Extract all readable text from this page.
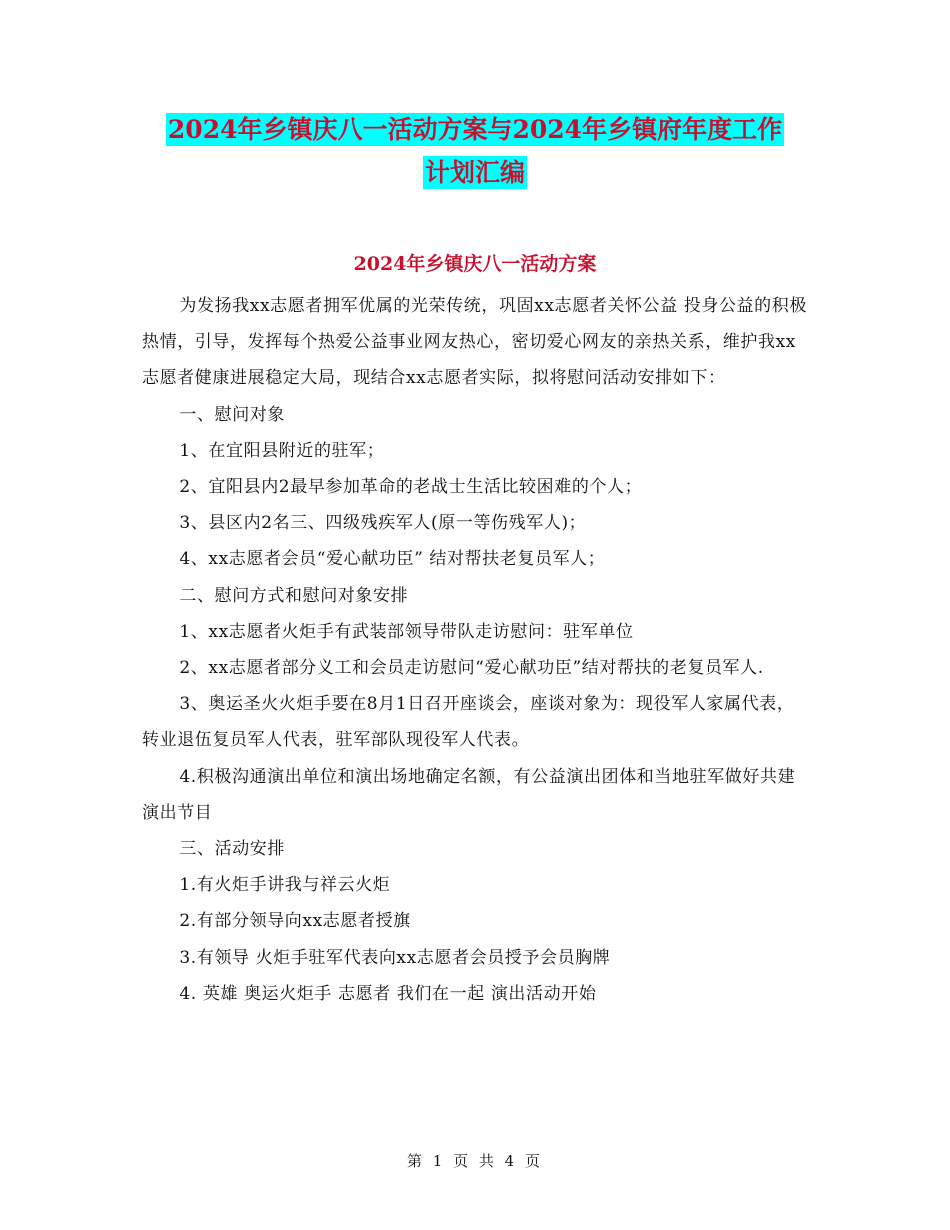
2024年乡镇庆八一活动方案与2024年乡镇府年度工作
计划汇编
2024年乡镇庆八一活动方案

为发扬我xx志愿者拥军优属的光荣传统，巩固xx志愿者关怀公益 投身公益的积极热情，引导，发挥每个热爱公益事业网友热心，密切爱心网友的亲热关系，维护我xx志愿者健康进展稳定大局，现结合xx志愿者实际，拟将慰问活动安排如下：

一、慰问对象

1、在宜阳县附近的驻军；

2、宜阳县内2最早参加革命的老战士生活比较困难的个人；

3、县区内2名三、四级残疾军人(原一等伤残军人)；

4、xx志愿者会员“爱心献功臣” 结对帮扶老复员军人；

二、慰问方式和慰问对象安排

1、xx志愿者火炬手有武装部领导带队走访慰问：驻军单位

2、xx志愿者部分义工和会员走访慰问“爱心献功臣”结对帮扶的老复员军人.

3、奥运圣火火炬手要在8月1日召开座谈会，座谈对象为：现役军人家属代表，转业退伍复员军人代表，驻军部队现役军人代表。

4.积极沟通演出单位和演出场地确定名额，有公益演出团体和当地驻军做好共建演出节目

三、活动安排

1.有火炬手讲我与祥云火炬

2.有部分领导向xx志愿者授旗

3.有领导 火炬手驻军代表向xx志愿者会员授予会员胸牌

4. 英雄 奥运火炬手 志愿者 我们在一起 演出活动开始

第 1 页 共 4 页
